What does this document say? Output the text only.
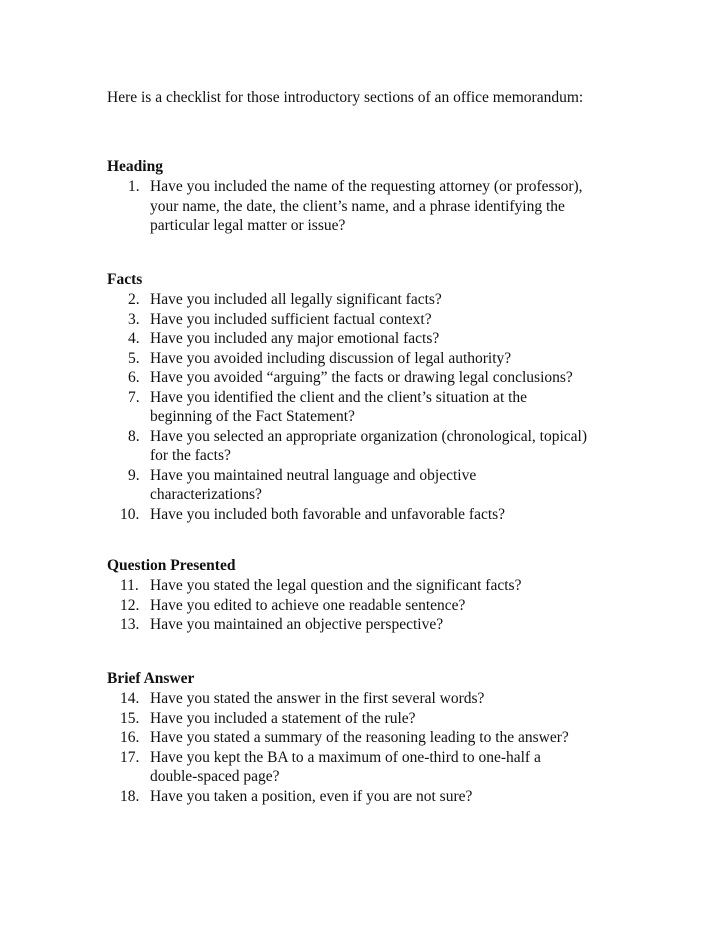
Here is a checklist for those introductory sections of an office memorandum:
Heading
1. Have you included the name of the requesting attorney (or professor),
your name, the date, the client’s name, and a phrase identifying the
particular legal matter or issue?
Facts
2. Have you included all legally significant facts?
3. Have you included sufficient factual context?
4. Have you included any major emotional facts?
5. Have you avoided including discussion of legal authority?
6. Have you avoided “arguing” the facts or drawing legal conclusions?
7. Have you identified the client and the client’s situation at the
beginning of the Fact Statement?
8. Have you selected an appropriate organization (chronological, topical)
for the facts?
9. Have you maintained neutral language and objective
characterizations?
10. Have you included both favorable and unfavorable facts?
Question Presented
11. Have you stated the legal question and the significant facts?
12. Have you edited to achieve one readable sentence?
13. Have you maintained an objective perspective?
Brief Answer
14. Have you stated the answer in the first several words?
15. Have you included a statement of the rule?
16. Have you stated a summary of the reasoning leading to the answer?
17. Have you kept the BA to a maximum of one-third to one-half a
double-spaced page?
18. Have you taken a position, even if you are not sure?
